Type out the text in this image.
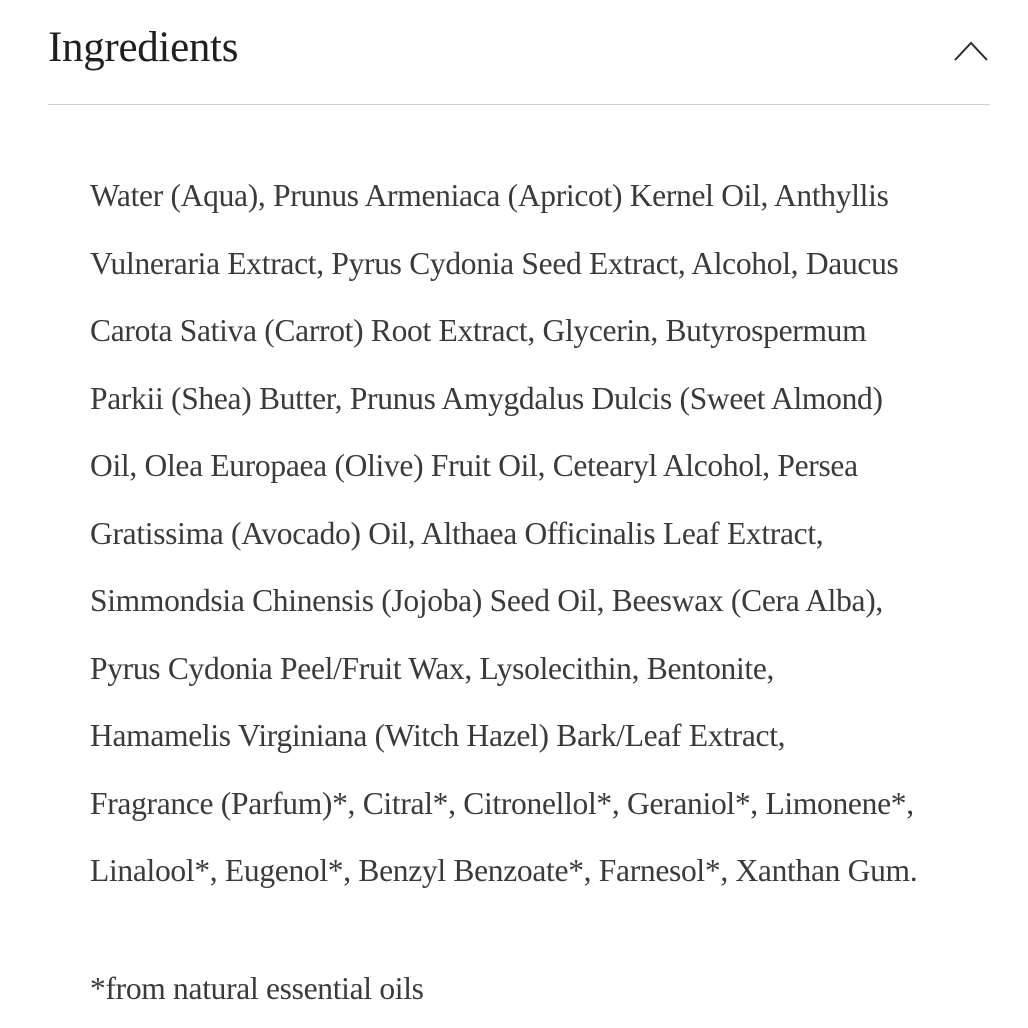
Ingredients

Water (Aqua), Prunus Armeniaca (Apricot) Kernel Oil, Anthyllis
Vulneraria Extract, Pyrus Cydonia Seed Extract, Alcohol, Daucus
Carota Sativa (Carrot) Root Extract, Glycerin, Butyrospermum
Parkii (Shea) Butter, Prunus Amygdalus Dulcis (Sweet Almond)
Oil, Olea Europaea (Olive) Fruit Oil, Cetearyl Alcohol, Persea
Gratissima (Avocado) Oil, Althaea Officinalis Leaf Extract,
Simmondsia Chinensis (Jojoba) Seed Oil, Beeswax (Cera Alba),
Pyrus Cydonia Peel/Fruit Wax, Lysolecithin, Bentonite,
Hamamelis Virginiana (Witch Hazel) Bark/Leaf Extract,
Fragrance (Parfum)*, Citral*, Citronellol*, Geraniol*, Limonene*,
Linalool*, Eugenol*, Benzyl Benzoate*, Farnesol*, Xanthan Gum.

*from natural essential oils
